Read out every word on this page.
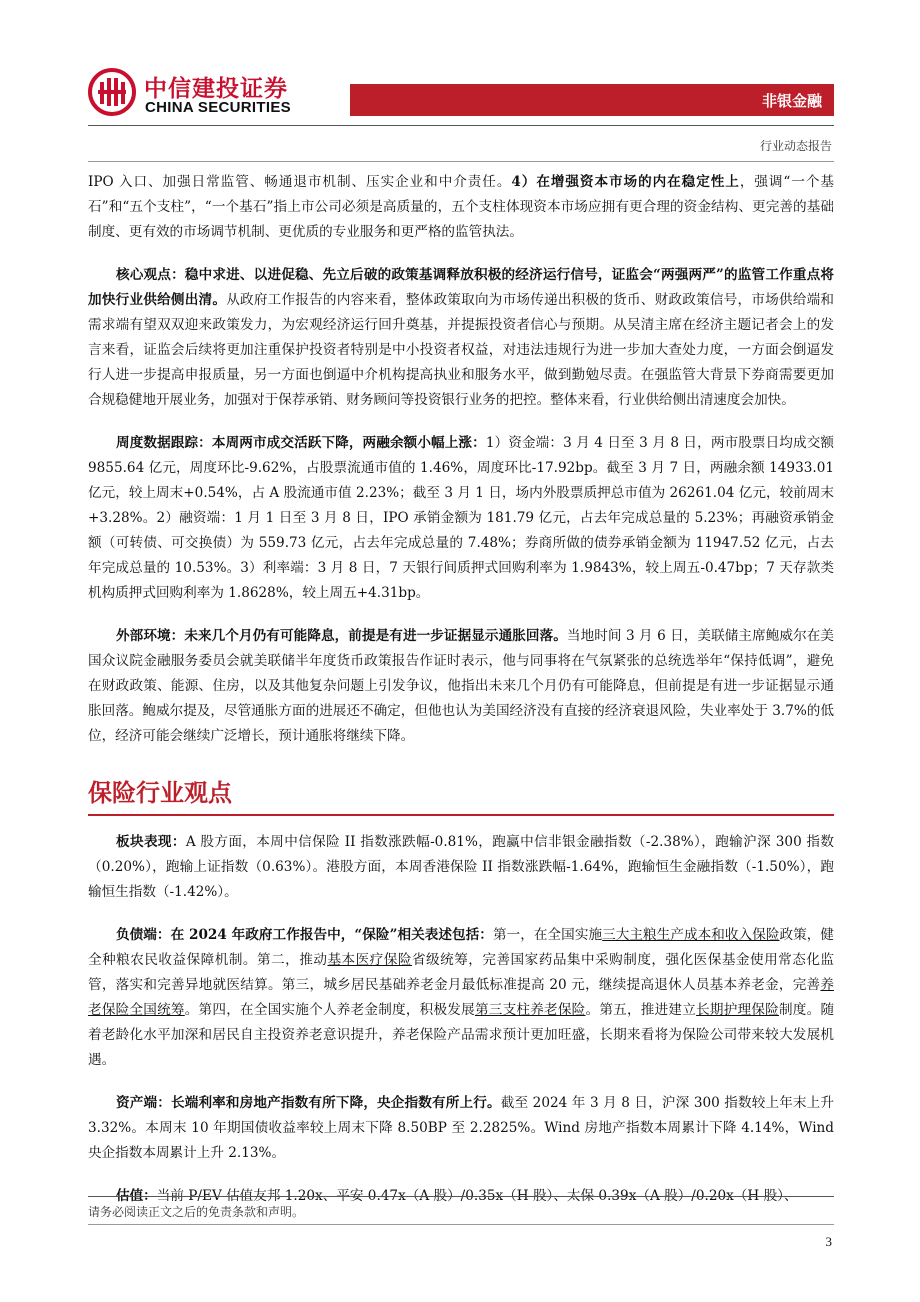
中信建投证券
CHINA SECURITIES	非银金融
行业动态报告

IPO 入口、加强日常监管、畅通退市机制、压实企业和中介责任。4）在增强资本市场的内在稳定性上，强调“一个基石”和“五个支柱”，“一个基石”指上市公司必须是高质量的，五个支柱体现资本市场应拥有更合理的资金结构、更完善的基础制度、更有效的市场调节机制、更优质的专业服务和更严格的监管执法。

核心观点：稳中求进、以进促稳、先立后破的政策基调释放积极的经济运行信号，证监会“两强两严”的监管工作重点将加快行业供给侧出清。从政府工作报告的内容来看，整体政策取向为市场传递出积极的货币、财政政策信号，市场供给端和需求端有望双双迎来政策发力，为宏观经济运行回升奠基，并提振投资者信心与预期。从吴清主席在经济主题记者会上的发言来看，证监会后续将更加注重保护投资者特别是中小投资者权益，对违法违规行为进一步加大查处力度，一方面会倒逼发行人进一步提高申报质量，另一方面也倒逼中介机构提高执业和服务水平，做到勤勉尽责。在强监管大背景下券商需要更加合规稳健地开展业务，加强对于保荐承销、财务顾问等投资银行业务的把控。整体来看，行业供给侧出清速度会加快。

周度数据跟踪：本周两市成交活跃下降，两融余额小幅上涨：1）资金端：3 月 4 日至 3 月 8 日，两市股票日均成交额 9855.64 亿元，周度环比-9.62%，占股票流通市值的 1.46%，周度环比-17.92bp。截至 3 月 7 日，两融余额 14933.01 亿元，较上周末+0.54%，占 A 股流通市值 2.23%；截至 3 月 1 日，场内外股票质押总市值为 26261.04 亿元，较前周末+3.28%。2）融资端：1 月 1 日至 3 月 8 日，IPO 承销金额为 181.79 亿元，占去年完成总量的 5.23%；再融资承销金额（可转债、可交换债）为 559.73 亿元，占去年完成总量的 7.48%；券商所做的债券承销金额为 11947.52 亿元，占去年完成总量的 10.53%。3）利率端：3 月 8 日，7 天银行间质押式回购利率为 1.9843%，较上周五-0.47bp；7 天存款类机构质押式回购利率为 1.8628%，较上周五+4.31bp。

外部环境：未来几个月仍有可能降息，前提是有进一步证据显示通胀回落。当地时间 3 月 6 日，美联储主席鲍威尔在美国众议院金融服务委员会就美联储半年度货币政策报告作证时表示，他与同事将在气氛紧张的总统选举年“保持低调”，避免在财政政策、能源、住房，以及其他复杂问题上引发争议，他指出未来几个月仍有可能降息，但前提是有进一步证据显示通胀回落。鲍威尔提及，尽管通胀方面的进展还不确定，但他也认为美国经济没有直接的经济衰退风险，失业率处于 3.7%的低位，经济可能会继续广泛增长，预计通胀将继续下降。

保险行业观点

板块表现：A 股方面，本周中信保险 II 指数涨跌幅-0.81%，跑赢中信非银金融指数（-2.38%），跑输沪深 300 指数（0.20%），跑输上证指数（0.63%）。港股方面，本周香港保险 II 指数涨跌幅-1.64%，跑输恒生金融指数（-1.50%），跑输恒生指数（-1.42%）。

负债端：在 2024 年政府工作报告中，“保险”相关表述包括：第一，在全国实施三大主粮生产成本和收入保险政策，健全种粮农民收益保障机制。第二，推动基本医疗保险省级统筹，完善国家药品集中采购制度，强化医保基金使用常态化监管，落实和完善异地就医结算。第三，城乡居民基础养老金月最低标准提高 20 元，继续提高退休人员基本养老金，完善养老保险全国统筹。第四，在全国实施个人养老金制度，积极发展第三支柱养老保险。第五，推进建立长期护理保险制度。随着老龄化水平加深和居民自主投资养老意识提升，养老保险产品需求预计更加旺盛，长期来看将为保险公司带来较大发展机遇。

资产端：长端利率和房地产指数有所下降，央企指数有所上行。截至 2024 年 3 月 8 日，沪深 300 指数较上年末上升 3.32%。本周末 10 年期国债收益率较上周末下降 8.50BP 至 2.2825%。Wind 房地产指数本周累计下降 4.14%，Wind 央企指数本周累计上升 2.13%。

估值：当前 P/EV 估值友邦 1.20x、平安 0.47x（A 股）/0.35x（H 股）、太保 0.39x（A 股）/0.20x（H 股）、

请务必阅读正文之后的免责条款和声明。
3
